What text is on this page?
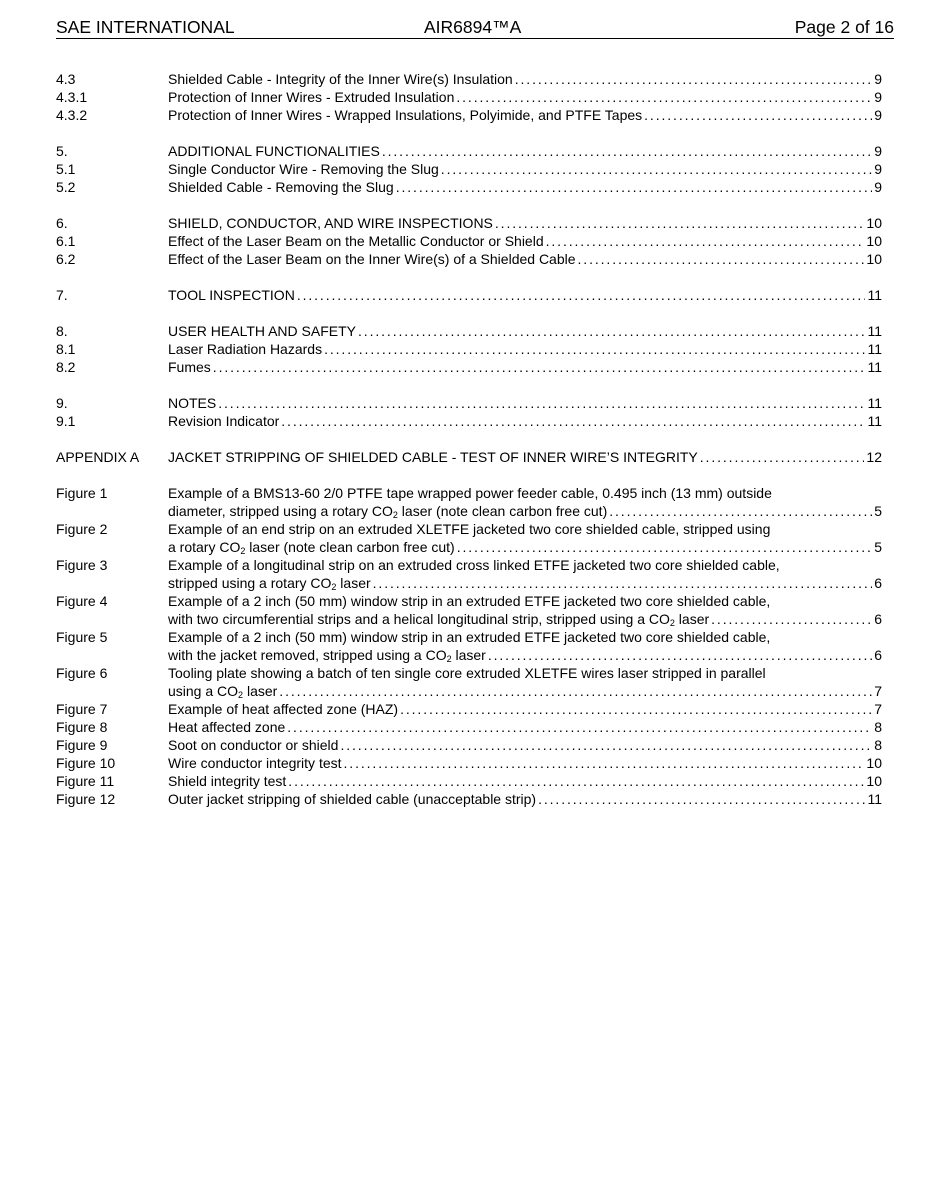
SAE INTERNATIONAL	AIR6894™A	Page 2 of 16
4.3	Shielded Cable - Integrity of the Inner Wire(s) Insulation . . .	9
4.3.1	Protection of Inner Wires - Extruded Insulation . . .	9
4.3.2	Protection of Inner Wires - Wrapped Insulations, Polyimide, and PTFE Tapes . . .	9
5.	ADDITIONAL FUNCTIONALITIES . . .	9
5.1	Single Conductor Wire - Removing the Slug . . .	9
5.2	Shielded Cable - Removing the Slug . . .	9
6.	SHIELD, CONDUCTOR, AND WIRE INSPECTIONS . . .	10
6.1	Effect of the Laser Beam on the Metallic Conductor or Shield . . .	10
6.2	Effect of the Laser Beam on the Inner Wire(s) of a Shielded Cable . . .	10
7.	TOOL INSPECTION . . .	11
8.	USER HEALTH AND SAFETY . . .	11
8.1	Laser Radiation Hazards . . .	11
8.2	Fumes . . .	11
9.	NOTES . . .	11
9.1	Revision Indicator . . .	11
APPENDIX A	JACKET STRIPPING OF SHIELDED CABLE - TEST OF INNER WIRE’S INTEGRITY . . .	12
Figure 1	Example of a BMS13-60 2/0 PTFE tape wrapped power feeder cable, 0.495 inch (13 mm) outside
diameter, stripped using a rotary $CO_2$ laser (note clean carbon free cut) . . .	5
Figure 2	Example of an end strip on an extruded XLETFE jacketed two core shielded cable, stripped using
a rotary $CO_2$ laser (note clean carbon free cut) . . .	5
Figure 3	Example of a longitudinal strip on an extruded cross linked ETFE jacketed two core shielded cable,
stripped using a rotary $CO_2$ laser . . .	6
Figure 4	Example of a 2 inch (50 mm) window strip in an extruded ETFE jacketed two core shielded cable,
with two circumferential strips and a helical longitudinal strip, stripped using a $CO_2$ laser . . .	6
Figure 5	Example of a 2 inch (50 mm) window strip in an extruded ETFE jacketed two core shielded cable,
with the jacket removed, stripped using a $CO_2$ laser . . .	6
Figure 6	Tooling plate showing a batch of ten single core extruded XLETFE wires laser stripped in parallel
using a $CO_2$ laser . . .	7
Figure 7	Example of heat affected zone (HAZ) . . .	7
Figure 8	Heat affected zone . . .	8
Figure 9	Soot on conductor or shield . . .	8
Figure 10	Wire conductor integrity test . . .	10
Figure 11	Shield integrity test . . .	10
Figure 12	Outer jacket stripping of shielded cable (unacceptable strip) . . .	11
